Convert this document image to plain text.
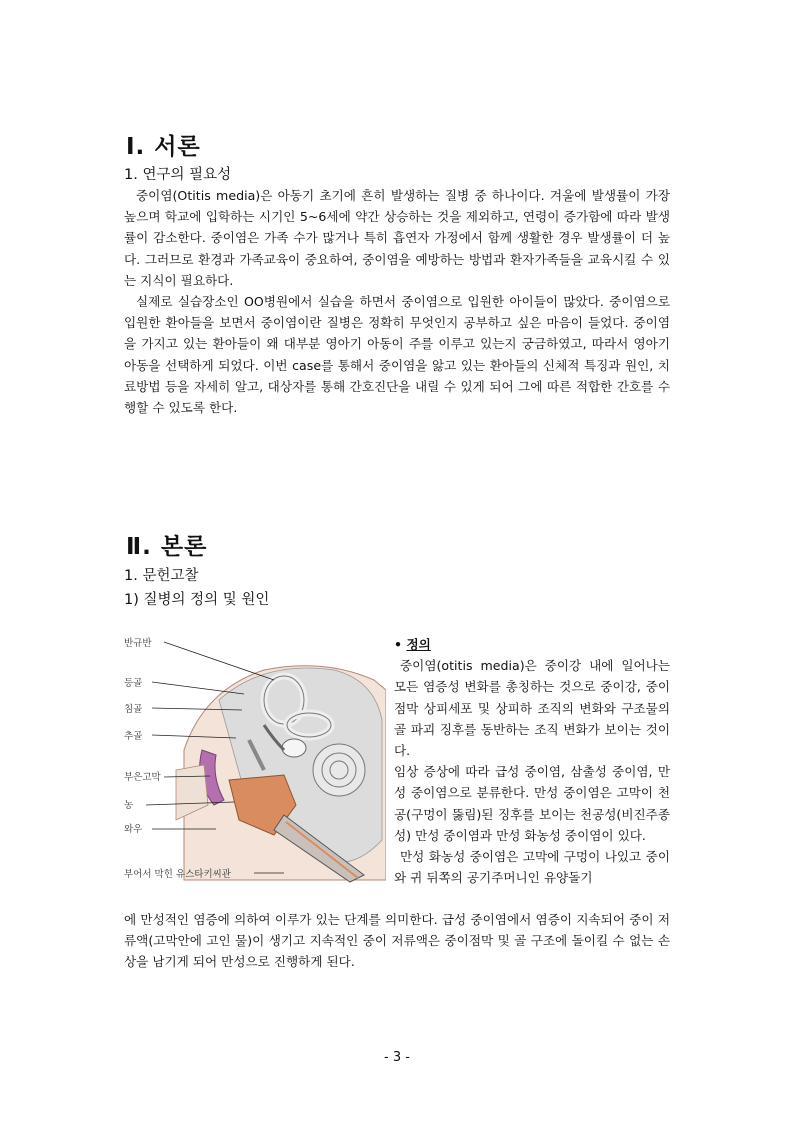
Ⅰ. 서론
1. 연구의 필요성

중이염(Otitis media)은 아동기 초기에 흔히 발생하는 질병 중 하나이다. 겨울에 발생률이 가장 높으며 학교에 입학하는 시기인 5~6세에 약간 상승하는 것을 제외하고, 연령이 증가함에 따라 발생률이 감소한다. 중이염은 가족 수가 많거나 특히 흡연자 가정에서 함께 생활한 경우 발생률이 더 높다. 그러므로 환경과 가족교육이 중요하여, 중이염을 예방하는 방법과 환자가족들을 교육시킬 수 있는 지식이 필요하다.

실제로 실습장소인 OO병원에서 실습을 하면서 중이염으로 입원한 아이들이 많았다. 중이염으로 입원한 환아들을 보면서 중이염이란 질병은 정확히 무엇인지 공부하고 싶은 마음이 들었다. 중이염을 가지고 있는 환아들이 왜 대부분 영아기 아동이 주를 이루고 있는지 궁금하였고, 따라서 영아기 아동을 선택하게 되었다. 이번 case를 통해서 중이염을 앓고 있는 환아들의 신체적 특징과 원인, 치료방법 등을 자세히 알고, 대상자를 통해 간호진단을 내릴 수 있게 되어 그에 따른 적합한 간호를 수행할 수 있도록 한다.

Ⅱ. 본론
1. 문헌고찰
1) 질병의 정의 및 원인
반규반
등골
침골
추골
부은고막
농
와우
부어서 막힌 유스타키씨관

• 정의

중이염(otitis media)은 중이강 내에 일어나는 모든 염증성 변화를 총칭하는 것으로 중이강, 중이점막 상피세포 및 상피하 조직의 변화와 구조물의 골 파괴 징후를 동반하는 조직 변화가 보이는 것이다.

임상 증상에 따라 급성 중이염, 삼출성 중이염, 만성 중이염으로 분류한다. 만성 중이염은 고막이 천공(구멍이 뚫림)된 징후를 보이는 천공성(비진주종성) 만성 중이염과 만성 화농성 중이염이 있다.

만성 화농성 중이염은 고막에 구멍이 나있고 중이와 귀 뒤쪽의 공기주머니인 유양돌기

에 만성적인 염증에 의하여 이루가 있는 단계를 의미한다. 급성 중이염에서 염증이 지속되어 중이 저류액(고막안에 고인 물)이 생기고 지속적인 중이 저류액은 중이점막 및 골 구조에 돌이킬 수 없는 손상을 남기게 되어 만성으로 진행하게 된다.

- 3 -
